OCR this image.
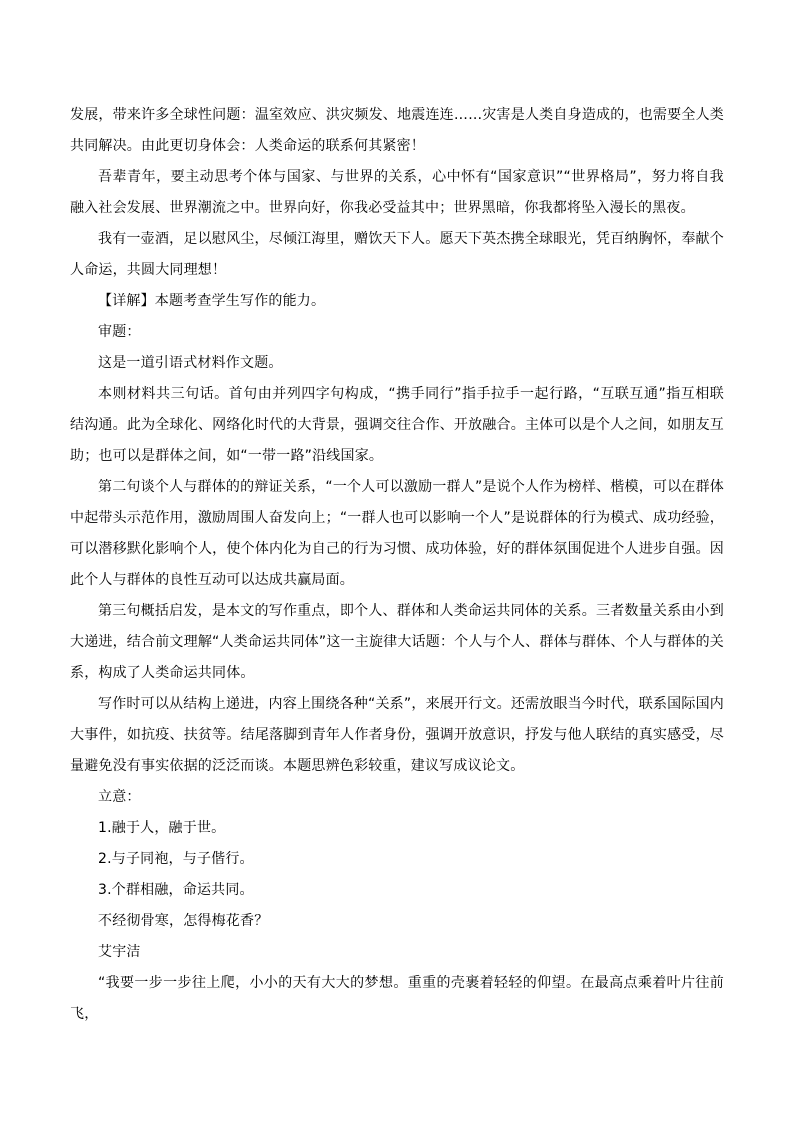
发展，带来许多全球性问题：温室效应、洪灾频发、地震连连……灾害是人类自身造成的，也需要全人类共同解决。由此更切身体会：人类命运的联系何其紧密！

吾辈青年，要主动思考个体与国家、与世界的关系，心中怀有“国家意识”“世界格局”，努力将自我融入社会发展、世界潮流之中。世界向好，你我必受益其中；世界黑暗，你我都将坠入漫长的黑夜。

我有一壶酒，足以慰风尘，尽倾江海里，赠饮天下人。愿天下英杰携全球眼光，凭百纳胸怀，奉献个人命运，共圆大同理想！

【详解】本题考查学生写作的能力。

审题：

这是一道引语式材料作文题。

本则材料共三句话。首句由并列四字句构成，“携手同行”指手拉手一起行路，“互联互通”指互相联结沟通。此为全球化、网络化时代的大背景，强调交往合作、开放融合。主体可以是个人之间，如朋友互助；也可以是群体之间，如“一带一路”沿线国家。

第二句谈个人与群体的的辩证关系，“一个人可以激励一群人”是说个人作为榜样、楷模，可以在群体中起带头示范作用，激励周围人奋发向上；“一群人也可以影响一个人”是说群体的行为模式、成功经验，可以潜移默化影响个人，使个体内化为自己的行为习惯、成功体验，好的群体氛围促进个人进步自强。因此个人与群体的良性互动可以达成共赢局面。

第三句概括启发，是本文的写作重点，即个人、群体和人类命运共同体的关系。三者数量关系由小到大递进，结合前文理解“人类命运共同体”这一主旋律大话题：个人与个人、群体与群体、个人与群体的关系，构成了人类命运共同体。

写作时可以从结构上递进，内容上围绕各种“关系”，来展开行文。还需放眼当今时代，联系国际国内大事件，如抗疫、扶贫等。结尾落脚到青年人作者身份，强调开放意识，抒发与他人联结的真实感受，尽量避免没有事实依据的泛泛而谈。本题思辨色彩较重，建议写成议论文。

立意：

1.融于人，融于世。

2.与子同袍，与子偕行。

3.个群相融，命运共同。

不经彻骨寒，怎得梅花香？

艾宇洁

“我要一步一步往上爬，小小的天有大大的梦想。重重的壳裹着轻轻的仰望。在最高点乘着叶片往前飞，
